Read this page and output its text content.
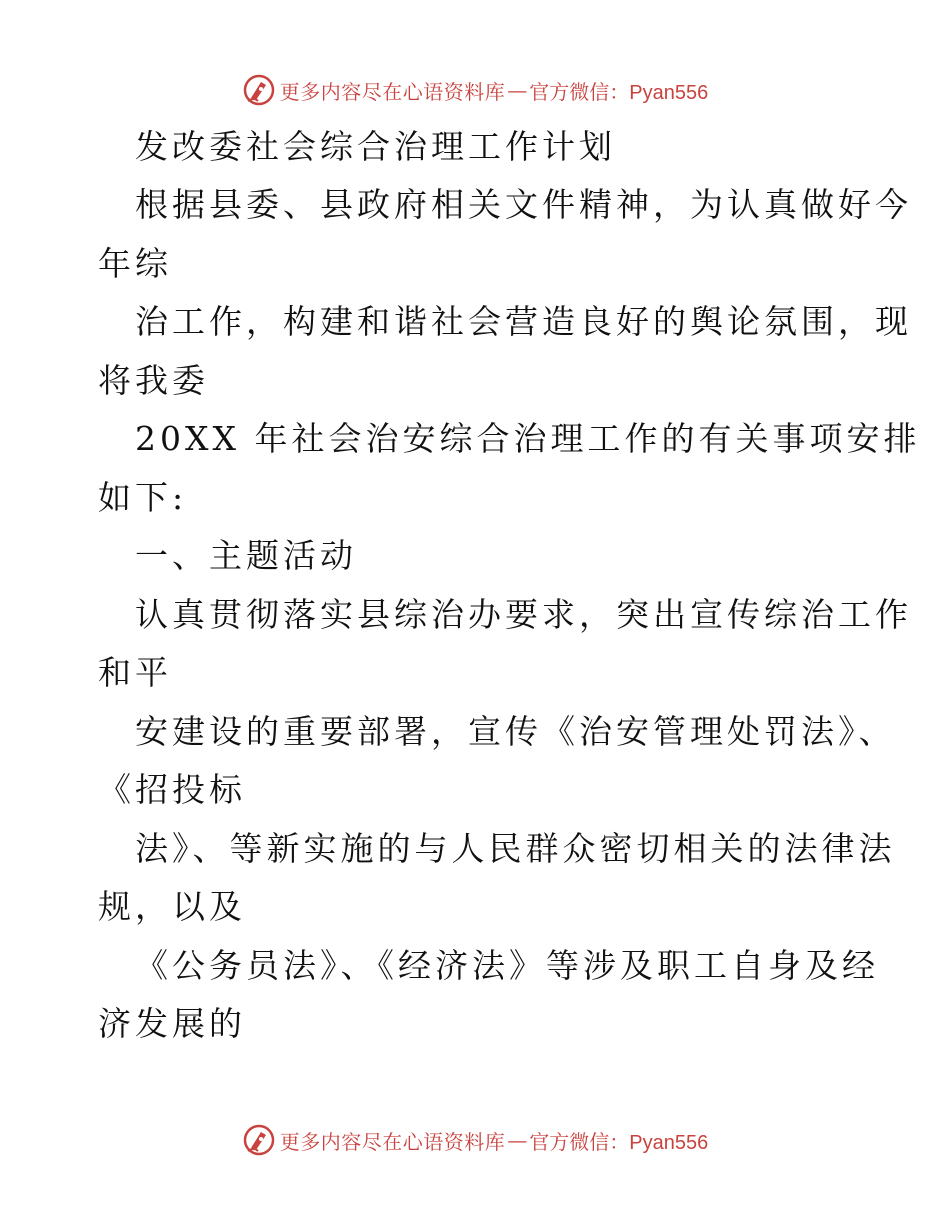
更多内容尽在心语资料库 — 官方微信：Pyan556
发改委社会综合治理工作计划
根据县委、县政府相关文件精神，为认真做好今
年综
治工作，构建和谐社会营造良好的舆论氛围，现
将我委
20XX 年社会治安综合治理工作的有关事项安排
如下:
一、主题活动
认真贯彻落实县综治办要求，突出宣传综治工作
和平
安建设的重要部署，宣传《治安管理处罚法》、
《招投标
法》、等新实施的与人民群众密切相关的法律法
规，以及
《公务员法》、《经济法》等涉及职工自身及经
济发展的
更多内容尽在心语资料库 — 官方微信：Pyan556
